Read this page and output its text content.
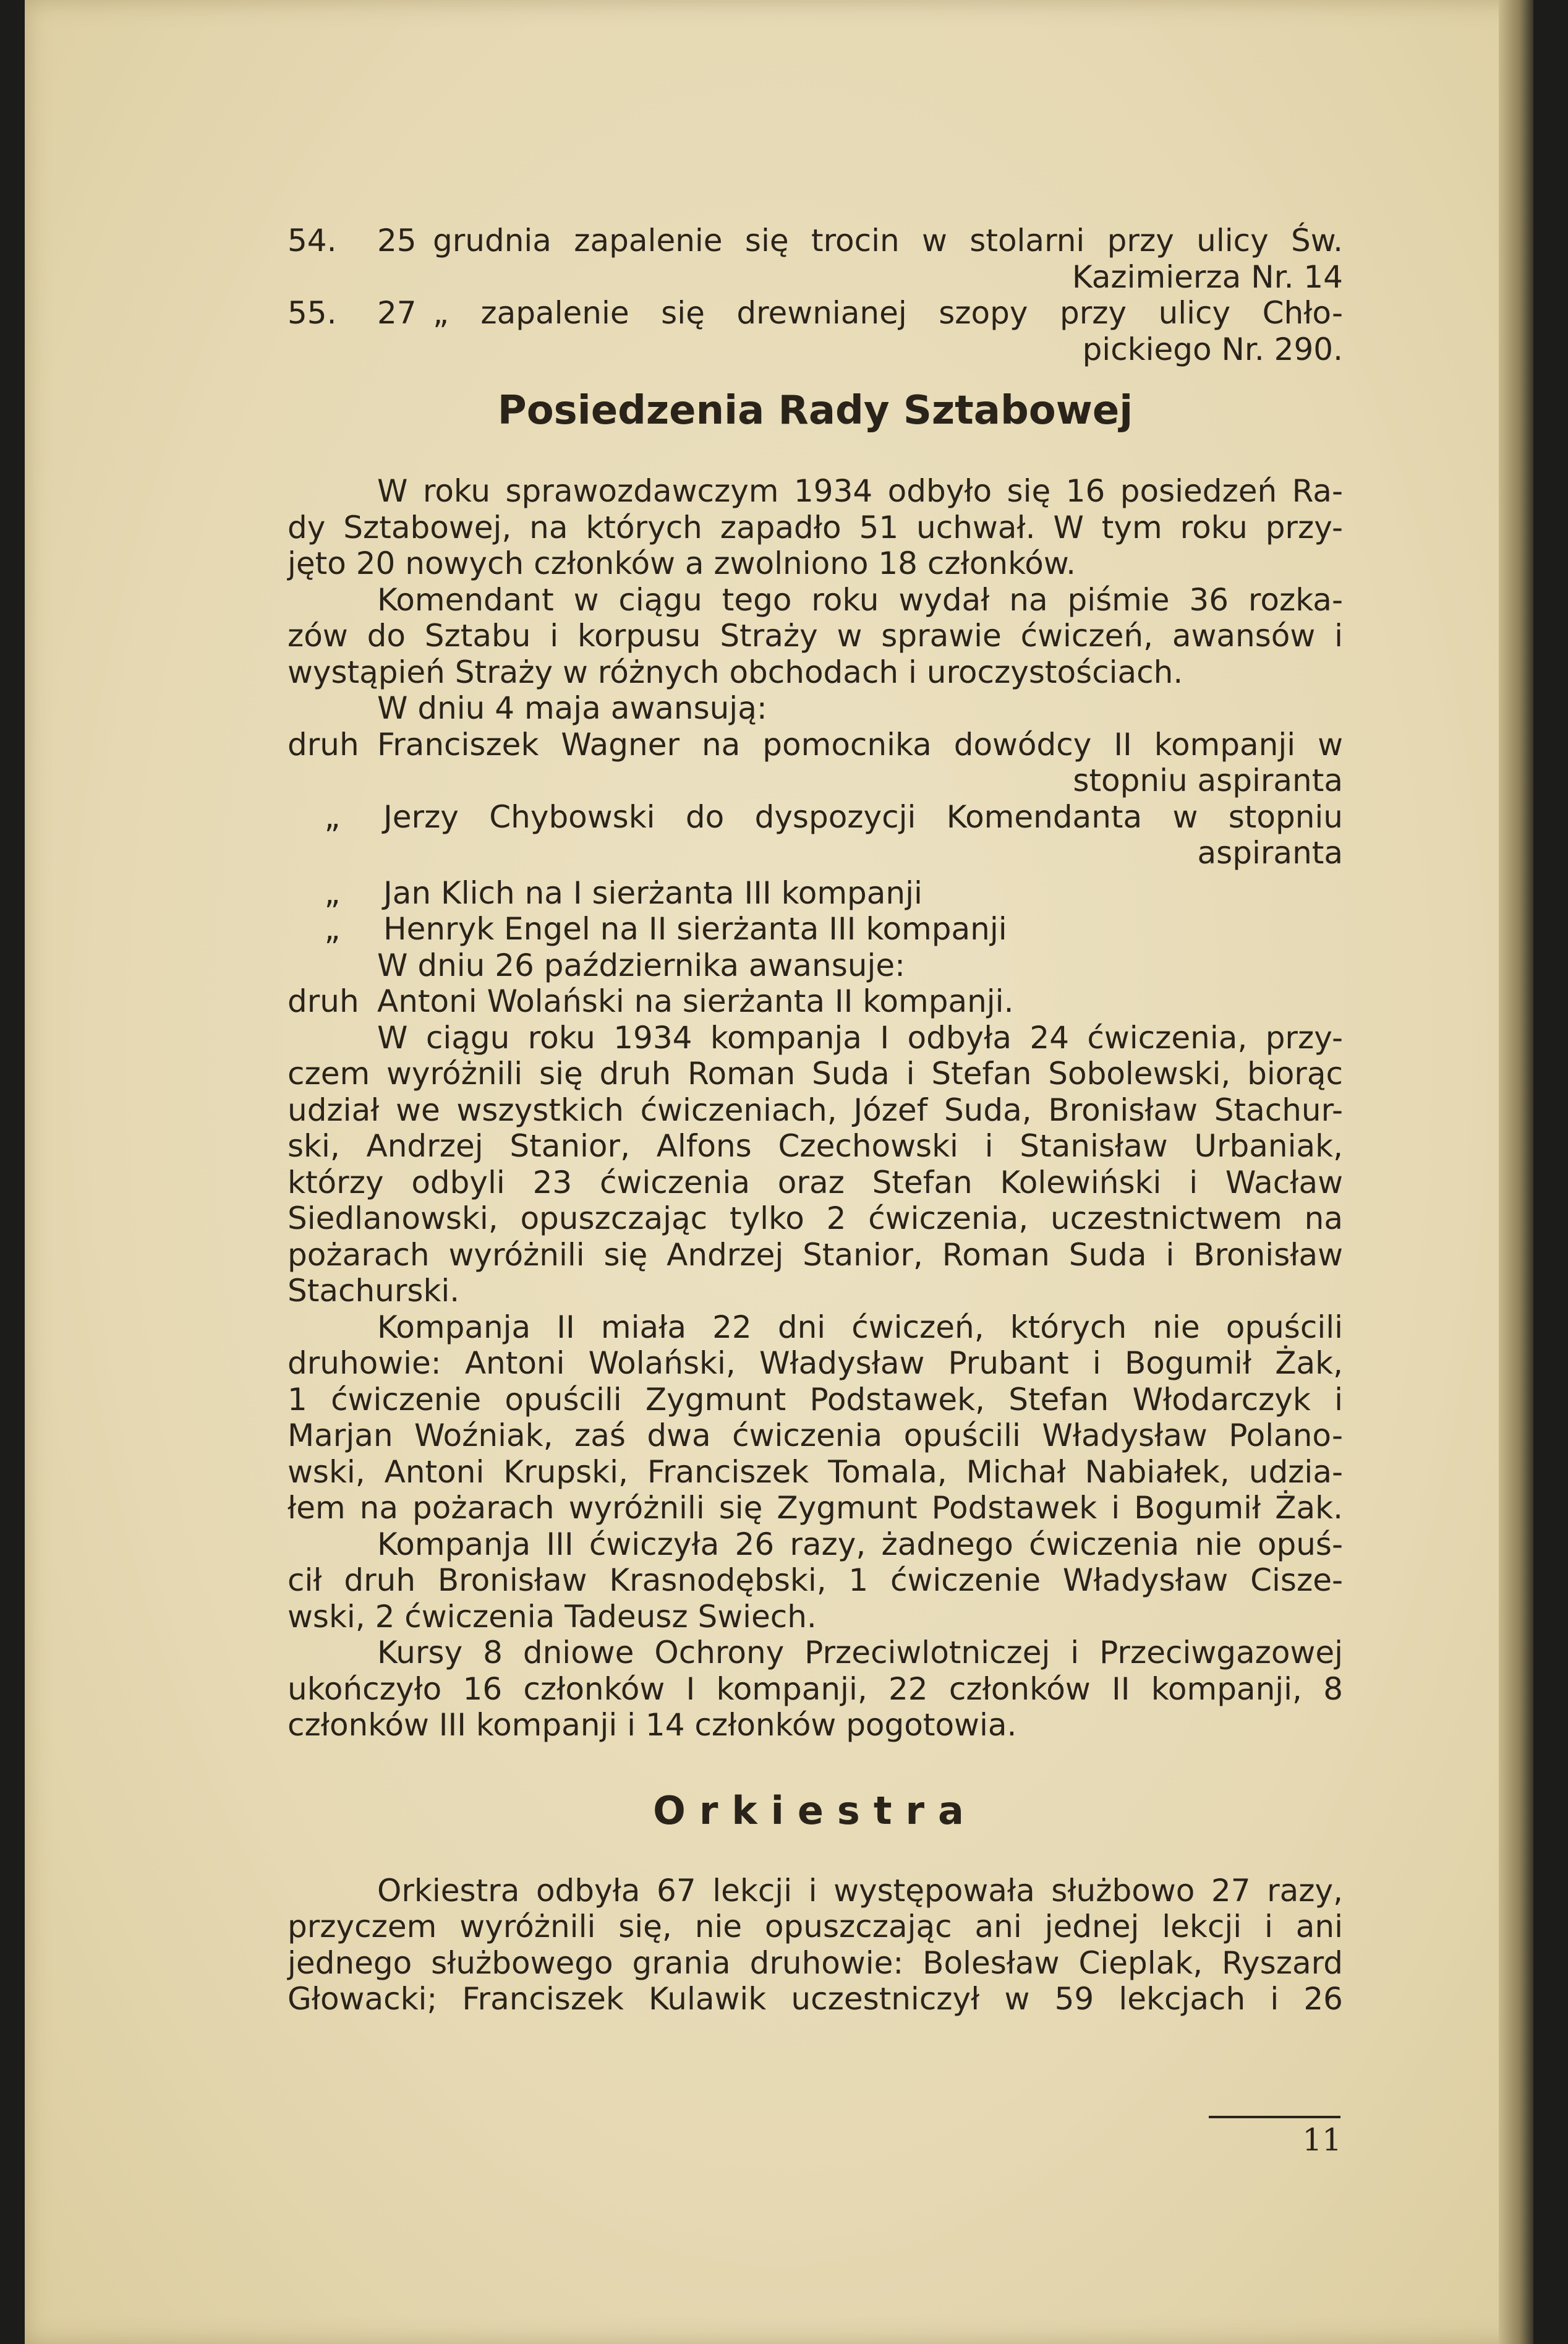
54.	25 grudnia zapalenie się trocin w stolarni przy ulicy Św.
Kazimierza Nr. 14
55.	27 „ zapalenie się drewnianej szopy przy ulicy Chło-
pickiego Nr. 290.
Posiedzenia Rady Sztabowej
W roku sprawozdawczym 1934 odbyło się 16 posiedzeń Ra-
dy Sztabowej, na których zapadło 51 uchwał. W tym roku przy-
jęto 20 nowych członków a zwolniono 18 członków.
Komendant w ciągu tego roku wydał na piśmie 36 rozka-
zów do Sztabu i korpusu Straży w sprawie ćwiczeń, awansów i
wystąpień Straży w różnych obchodach i uroczystościach.
W dniu 4 maja awansują:
druh Franciszek Wagner na pomocnika dowódcy II kompanji w
stopniu aspiranta
„	Jerzy Chybowski do dyspozycji Komendanta w stopniu
aspiranta
„	Jan Klich na I sierżanta III kompanji
„	Henryk Engel na II sierżanta III kompanji
W dniu 26 października awansuje:
druh Antoni Wolański na sierżanta II kompanji.
W ciągu roku 1934 kompanja I odbyła 24 ćwiczenia, przy-
czem wyróżnili się druh Roman Suda i Stefan Sobolewski, biorąc
udział we wszystkich ćwiczeniach, Józef Suda, Bronisław Stachur-
ski, Andrzej Stanior, Alfons Czechowski i Stanisław Urbaniak,
którzy odbyli 23 ćwiczenia oraz Stefan Kolewiński i Wacław
Siedlanowski, opuszczając tylko 2 ćwiczenia, uczestnictwem na
pożarach wyróżnili się Andrzej Stanior, Roman Suda i Bronisław
Stachurski.
Kompanja II miała 22 dni ćwiczeń, których nie opuścili
druhowie: Antoni Wolański, Władysław Prubant i Bogumił Żak,
1 ćwiczenie opuścili Zygmunt Podstawek, Stefan Włodarczyk i
Marjan Woźniak, zaś dwa ćwiczenia opuścili Władysław Polano-
wski, Antoni Krupski, Franciszek Tomala, Michał Nabiałek, udzia-
łem na pożarach wyróżnili się Zygmunt Podstawek i Bogumił Żak.
Kompanja III ćwiczyła 26 razy, żadnego ćwiczenia nie opuś-
cił druh Bronisław Krasnodębski, 1 ćwiczenie Władysław Cisze-
wski, 2 ćwiczenia Tadeusz Swiech.
Kursy 8 dniowe Ochrony Przeciwlotniczej i Przeciwgazowej
ukończyło 16 członków I kompanji, 22 członków II kompanji, 8
członków III kompanji i 14 członków pogotowia.
Orkiestra
Orkiestra odbyła 67 lekcji i występowała służbowo 27 razy,
przyczem wyróżnili się, nie opuszczając ani jednej lekcji i ani
jednego służbowego grania druhowie: Bolesław Cieplak, Ryszard
Głowacki; Franciszek Kulawik uczestniczył w 59 lekcjach i 26
11
